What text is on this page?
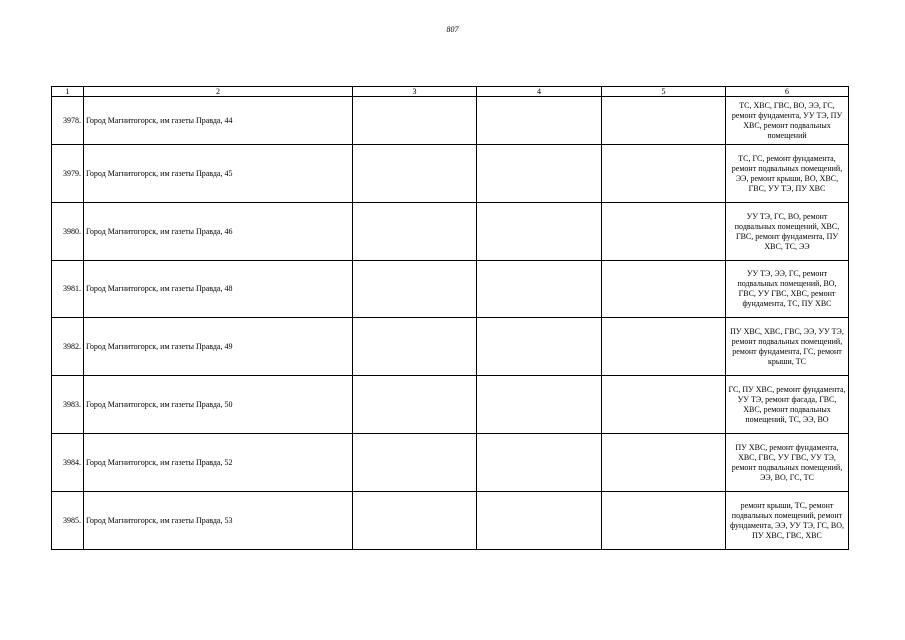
807
1	2	3	4	5	6
3978.	Город Магнитогорск, им газеты Правда, 44				ТС, ХВС, ГВС, ВО, ЭЭ, ГС, ремонт фундамента, УУ ТЭ, ПУ ХВС, ремонт подвальных помещений
3979.	Город Магнитогорск, им газеты Правда, 45				ТС, ГС, ремонт фундамента, ремонт подвальных помещений, ЭЭ, ремонт крыши, ВО, ХВС, ГВС, УУ ТЭ, ПУ ХВС
3980.	Город Магнитогорск, им газеты Правда, 46				УУ ТЭ, ГС, ВО, ремонт подвальных помещений, ХВС, ГВС, ремонт фундамента, ПУ ХВС, ТС, ЭЭ
3981.	Город Магнитогорск, им газеты Правда, 48				УУ ТЭ, ЭЭ, ГС, ремонт подвальных помещений, ВО, ГВС, УУ ГВС, ХВС, ремонт фундамента, ТС, ПУ ХВС
3982.	Город Магнитогорск, им газеты Правда, 49				ПУ ХВС, ХВС, ГВС, ЭЭ, УУ ТЭ, ремонт подвальных помещений, ремонт фундамента, ГС, ремонт крыши, ТС
3983.	Город Магнитогорск, им газеты Правда, 50				ГС, ПУ ХВС, ремонт фундамента, УУ ТЭ, ремонт фасада, ГВС, ХВС, ремонт подвальных помещений, ТС, ЭЭ, ВО
3984.	Город Магнитогорск, им газеты Правда, 52				ПУ ХВС, ремонт фундамента, ХВС, ГВС, УУ ГВС, УУ ТЭ, ремонт подвальных помещений, ЭЭ, ВО, ГС, ТС
3985.	Город Магнитогорск, им газеты Правда, 53				ремонт крыши, ТС, ремонт подвальных помещений, ремонт фундамента, ЭЭ, УУ ТЭ, ГС, ВО, ПУ ХВС, ГВС, ХВС
